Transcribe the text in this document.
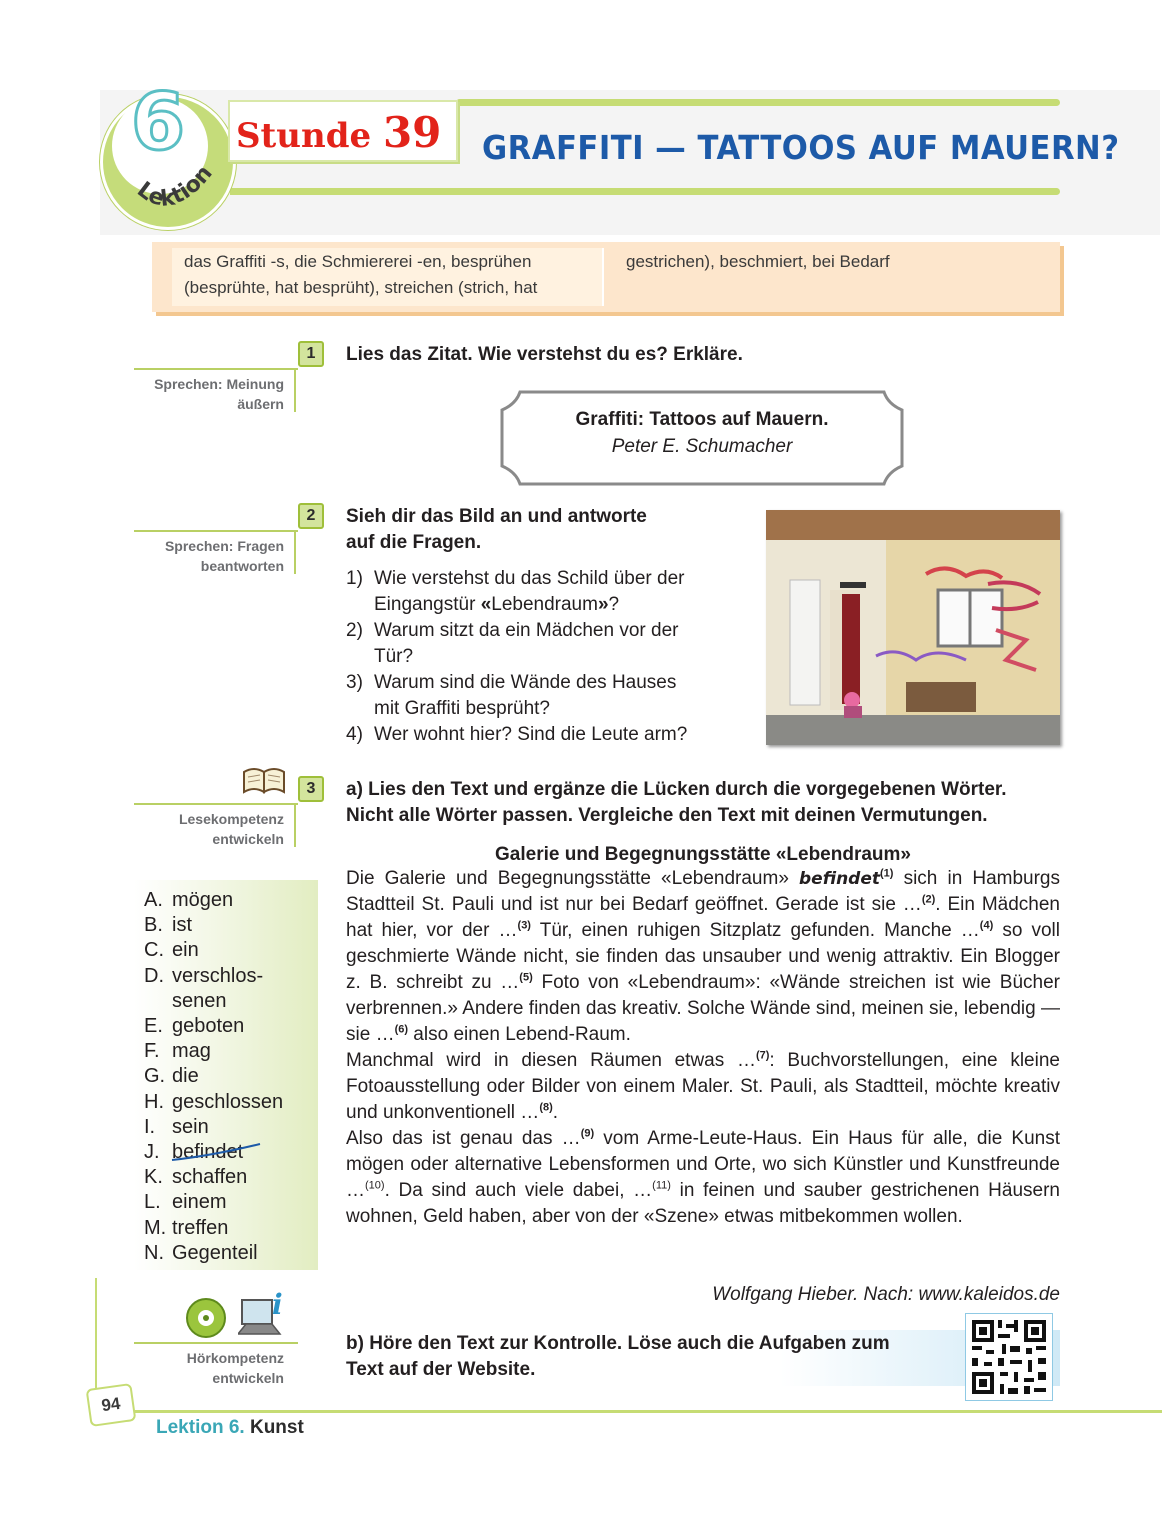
6
Lektion
Stunde 39 GRAFFITI — TATTOOS AUF MAUERN?
das Graffiti -s, die Schmiererei -en, besprühen
(besprühte, hat besprüht), streichen (strich, hat
gestrichen), beschmiert, bei Bedarf
1
Sprechen: Meinung
äußern
Lies das Zitat. Wie verstehst du es? Erkläre.
Graffiti: Tattoos auf Mauern.
Peter E. Schumacher
2
Sprechen: Fragen
beantworten
Sieh dir das Bild an und antworte
auf die Fragen.
1) Wie verstehst du das Schild über der
Eingangstür «Lebendraum»?
2) Warum sitzt da ein Mädchen vor der
Tür?
3) Warum sind die Wände des Hauses
mit Graffiti besprüht?
4) Wer wohnt hier? Sind die Leute arm?
3
Lesekompetenz
entwickeln
a) Lies den Text und ergänze die Lücken durch die vorgegebenen Wörter.
Nicht alle Wörter passen. Vergleiche den Text mit deinen Vermutungen.
Galerie und Begegnungsstätte «Lebendraum»
A. mögen
B. ist
C. ein
D. verschlos-
senen
E. geboten
F. mag
G. die
H. geschlossen
I. sein
J. befindet
K. schaffen
L. einem
M. treffen
N. Gegenteil

Die Galerie und Begegnungsstätte «Lebendraum» befindet$^{(1)}$ sich in Hamburgs Stadtteil St. Pauli und ist nur bei Bedarf geöffnet. Gerade ist sie …$^{(2)}$. Ein Mädchen hat hier, vor der …$^{(3)}$ Tür, einen ruhigen Sitzplatz gefunden. Manche …$^{(4)}$ so voll geschmierte Wände nicht, sie finden das unsauber und wenig attraktiv. Ein Blogger z. B. schreibt zu …$^{(5)}$ Foto von «Lebendraum»: «Wände streichen ist wie Bücher verbrennen.» Andere finden das kreativ. Solche Wände sind, meinen sie, lebendig — sie …$^{(6)}$ also einen Lebend-Raum.

Manchmal wird in diesen Räumen etwas …$^{(7)}$: Buchvorstellungen, eine kleine Fotoausstellung oder Bilder von einem Maler. St. Pauli, als Stadtteil, möchte kreativ und unkonventionell …$^{(8)}$.

Also das ist genau das …$^{(9)}$ vom Arme-Leute-Haus. Ein Haus für alle, die Kunst mögen oder alternative Lebensformen und Orte, wo sich Künstler und Kunstfreunde …$^{(10)}$. Da sind auch viele dabei, …$^{(11)}$ in feinen und sauber gestrichenen Häusern wohnen, Geld haben, aber von der «Szene» etwas mitbekommen wollen.

Wolfgang Hieber. Nach: www.kaleidos.de
i
Hörkompetenz
entwickeln
b) Höre den Text zur Kontrolle. Löse auch die Aufgaben zum
Text auf der Website.
94
Lektion 6. Kunst
